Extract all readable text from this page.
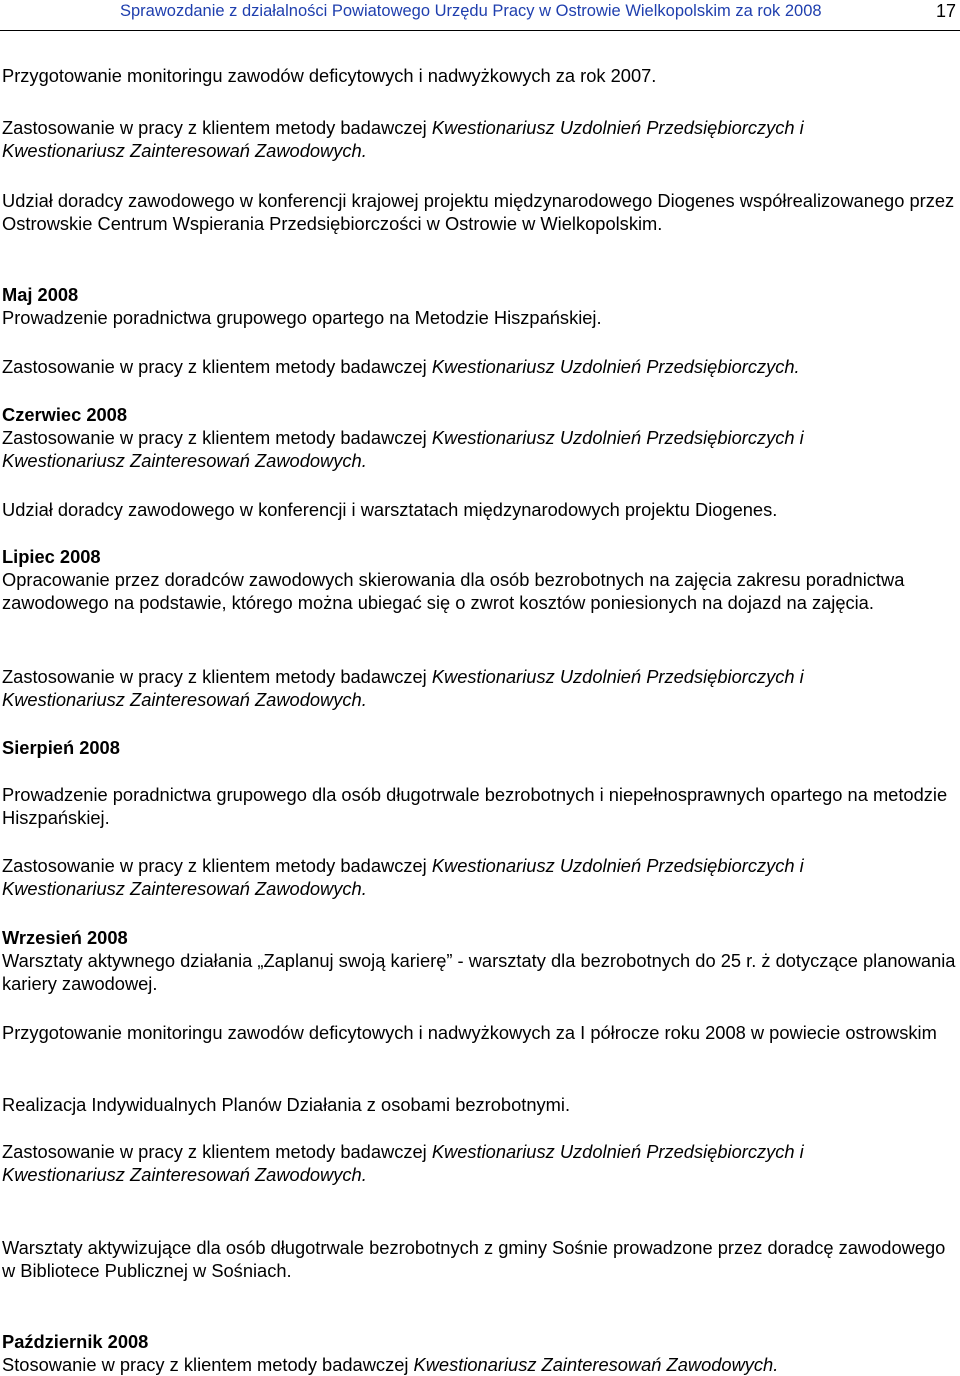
Sprawozdanie z działalności Powiatowego Urzędu Pracy w Ostrowie Wielkopolskim za rok 2008	17

Przygotowanie monitoringu zawodów deficytowych i nadwyżkowych za rok 2007.

Zastosowanie w pracy z klientem metody badawczej Kwestionariusz Uzdolnień Przedsiębiorczych i
Kwestionariusz Zainteresowań Zawodowych.

Udział doradcy zawodowego w konferencji krajowej projektu międzynarodowego Diogenes współrealizowanego przez Ostrowskie Centrum Wspierania Przedsiębiorczości w Ostrowie w Wielkopolskim.

Maj 2008
Prowadzenie poradnictwa grupowego opartego na Metodzie Hiszpańskiej.

Zastosowanie w pracy z klientem metody badawczej Kwestionariusz Uzdolnień Przedsiębiorczych.

Czerwiec 2008
Zastosowanie w pracy z klientem metody badawczej Kwestionariusz Uzdolnień Przedsiębiorczych i
Kwestionariusz Zainteresowań Zawodowych.

Udział doradcy zawodowego w konferencji i warsztatach międzynarodowych projektu Diogenes.

Lipiec 2008
Opracowanie przez doradców zawodowych skierowania dla osób bezrobotnych na zajęcia zakresu poradnictwa zawodowego na podstawie, którego można ubiegać się o zwrot kosztów poniesionych na dojazd na zajęcia.

Zastosowanie w pracy z klientem metody badawczej Kwestionariusz Uzdolnień Przedsiębiorczych i
Kwestionariusz Zainteresowań Zawodowych.

Sierpień 2008

Prowadzenie poradnictwa grupowego dla osób długotrwale bezrobotnych i niepełnosprawnych opartego na metodzie Hiszpańskiej.

Zastosowanie w pracy z klientem metody badawczej Kwestionariusz Uzdolnień Przedsiębiorczych i
Kwestionariusz Zainteresowań Zawodowych.

Wrzesień 2008
Warsztaty aktywnego działania „Zaplanuj swoją karierę” - warsztaty dla bezrobotnych do 25 r. ż dotyczące planowania kariery zawodowej.

Przygotowanie monitoringu zawodów deficytowych i nadwyżkowych za I półrocze roku 2008 w powiecie ostrowskim

Realizacja Indywidualnych Planów Działania z osobami bezrobotnymi.

Zastosowanie w pracy z klientem metody badawczej Kwestionariusz Uzdolnień Przedsiębiorczych i
Kwestionariusz Zainteresowań Zawodowych.

Warsztaty aktywizujące dla osób długotrwale bezrobotnych z gminy Sośnie prowadzone przez doradcę zawodowego w Bibliotece Publicznej w Sośniach.

Październik 2008
Stosowanie w pracy z klientem metody badawczej Kwestionariusz Zainteresowań Zawodowych.
